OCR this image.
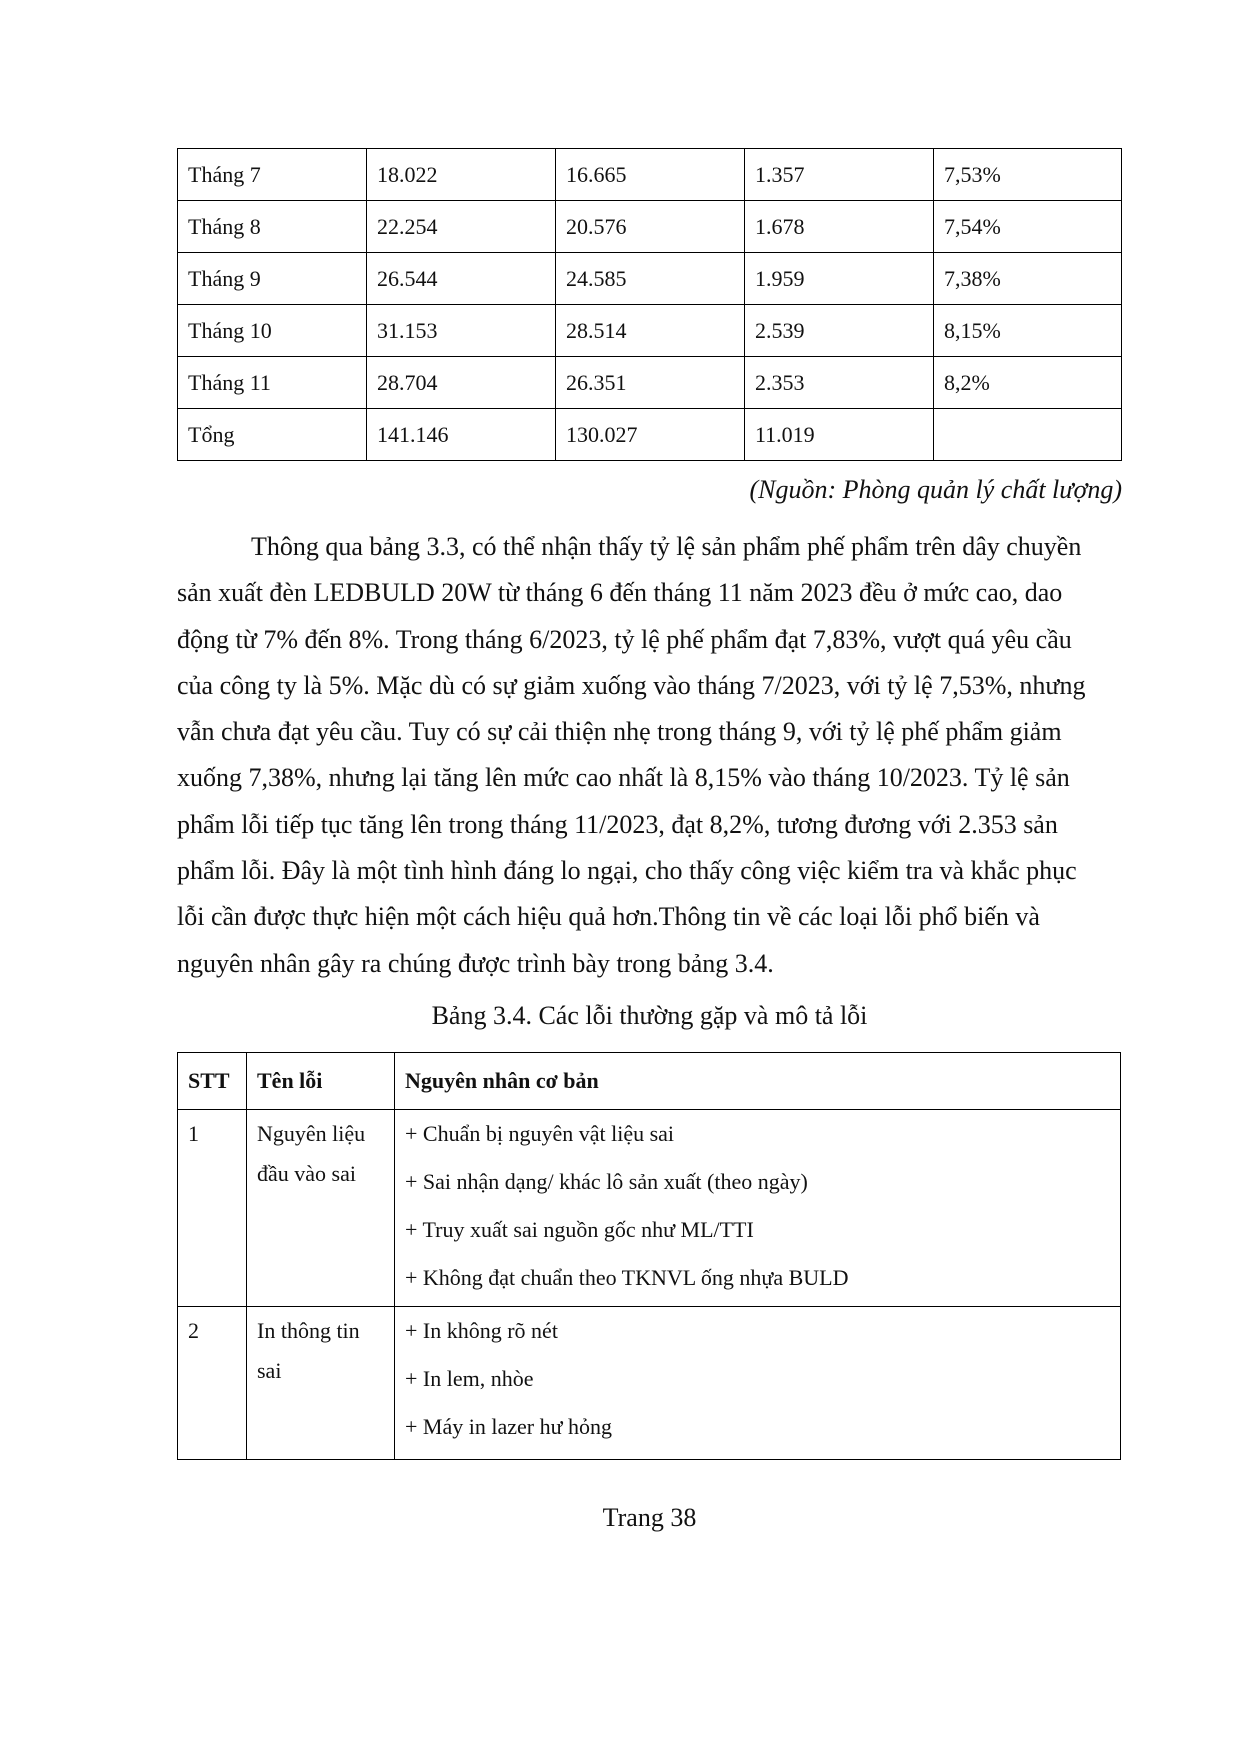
Tháng 7	18.022	16.665	1.357	7,53%
Tháng 8	22.254	20.576	1.678	7,54%
Tháng 9	26.544	24.585	1.959	7,38%
Tháng 10	31.153	28.514	2.539	8,15%
Tháng 11	28.704	26.351	2.353	8,2%
Tổng	141.146	130.027	11.019	
(Nguồn: Phòng quản lý chất lượng)

Thông qua bảng 3.3, có thể nhận thấy tỷ lệ sản phẩm phế phẩm trên dây chuyền
sản xuất đèn LEDBULD 20W từ tháng 6 đến tháng 11 năm 2023 đều ở mức cao, dao
động từ 7% đến 8%. Trong tháng 6/2023, tỷ lệ phế phẩm đạt 7,83%, vượt quá yêu cầu
của công ty là 5%. Mặc dù có sự giảm xuống vào tháng 7/2023, với tỷ lệ 7,53%, nhưng
vẫn chưa đạt yêu cầu. Tuy có sự cải thiện nhẹ trong tháng 9, với tỷ lệ phế phẩm giảm
xuống 7,38%, nhưng lại tăng lên mức cao nhất là 8,15% vào tháng 10/2023. Tỷ lệ sản
phẩm lỗi tiếp tục tăng lên trong tháng 11/2023, đạt 8,2%, tương đương với 2.353 sản
phẩm lỗi. Đây là một tình hình đáng lo ngại, cho thấy công việc kiểm tra và khắc phục
lỗi cần được thực hiện một cách hiệu quả hơn.Thông tin về các loại lỗi phổ biến và
nguyên nhân gây ra chúng được trình bày trong bảng 3.4.

Bảng 3.4. Các lỗi thường gặp và mô tả lỗi
STT	Tên lỗi	Nguyên nhân cơ bản
1	Nguyên liệu đầu vào sai	+ Chuẩn bị nguyên vật liệu sai
+ Sai nhận dạng/ khác lô sản xuất (theo ngày)
+ Truy xuất sai nguồn gốc như ML/TTI
+ Không đạt chuẩn theo TKNVL ống nhựa BULD

2	In thông tin sai	+ In không rõ nét
+ In lem, nhòe
+ Máy in lazer hư hỏng
Trang 38
